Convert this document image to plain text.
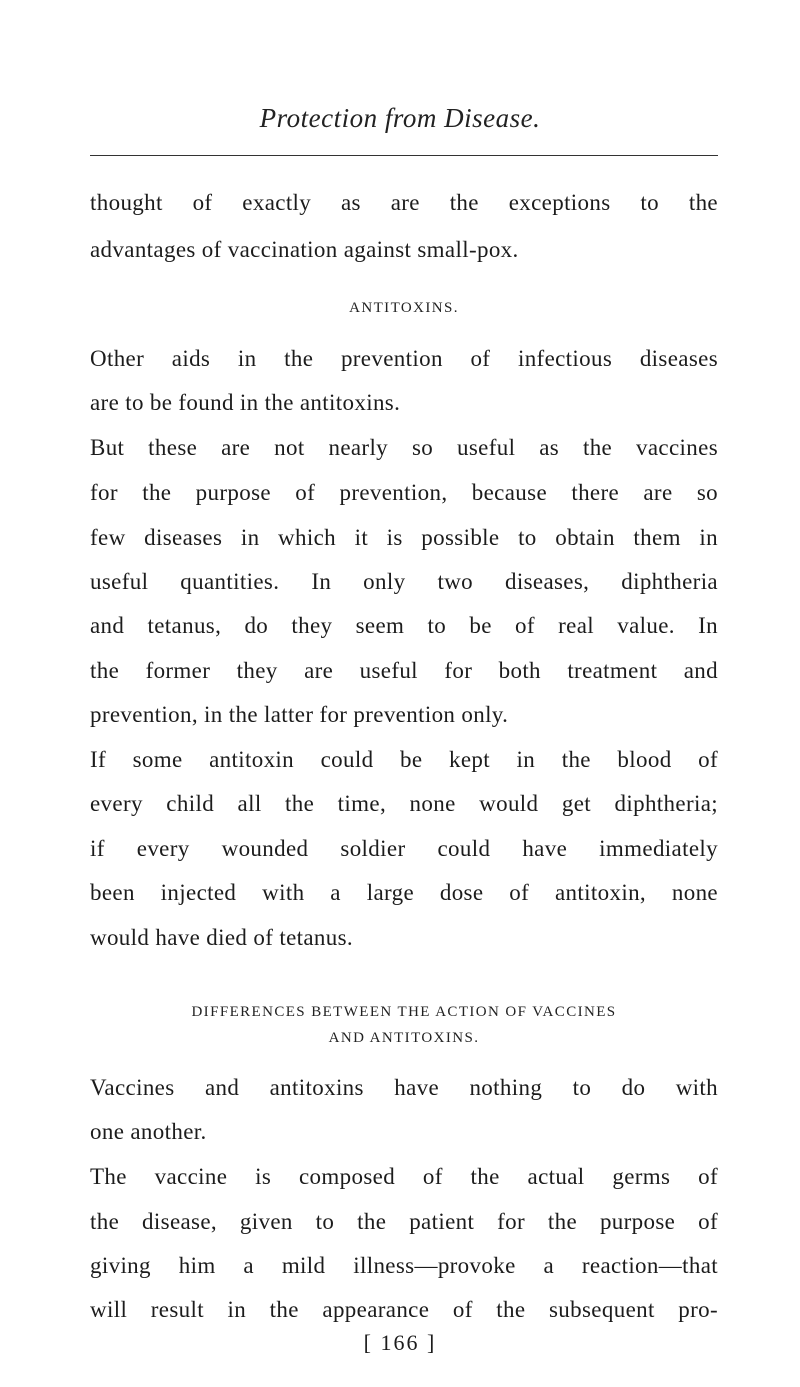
Protection from Disease.
thought of exactly as are the exceptions to the
advantages of vaccination against small-pox.
ANTITOXINS.
Other aids in the prevention of infectious diseases
are to be found in the antitoxins.
But these are not nearly so useful as the vaccines
for the purpose of prevention, because there are so
few diseases in which it is possible to obtain them in
useful quantities. In only two diseases, diphtheria
and tetanus, do they seem to be of real value. In
the former they are useful for both treatment and
prevention, in the latter for prevention only.
If some antitoxin could be kept in the blood of
every child all the time, none would get diphtheria;
if every wounded soldier could have immediately
been injected with a large dose of antitoxin, none
would have died of tetanus.
DIFFERENCES BETWEEN THE ACTION OF VACCINES
AND ANTITOXINS.
Vaccines and antitoxins have nothing to do with
one another.
The vaccine is composed of the actual germs of
the disease, given to the patient for the purpose of
giving him a mild illness—provoke a reaction—that
will result in the appearance of the subsequent pro-
[ 166 ]
